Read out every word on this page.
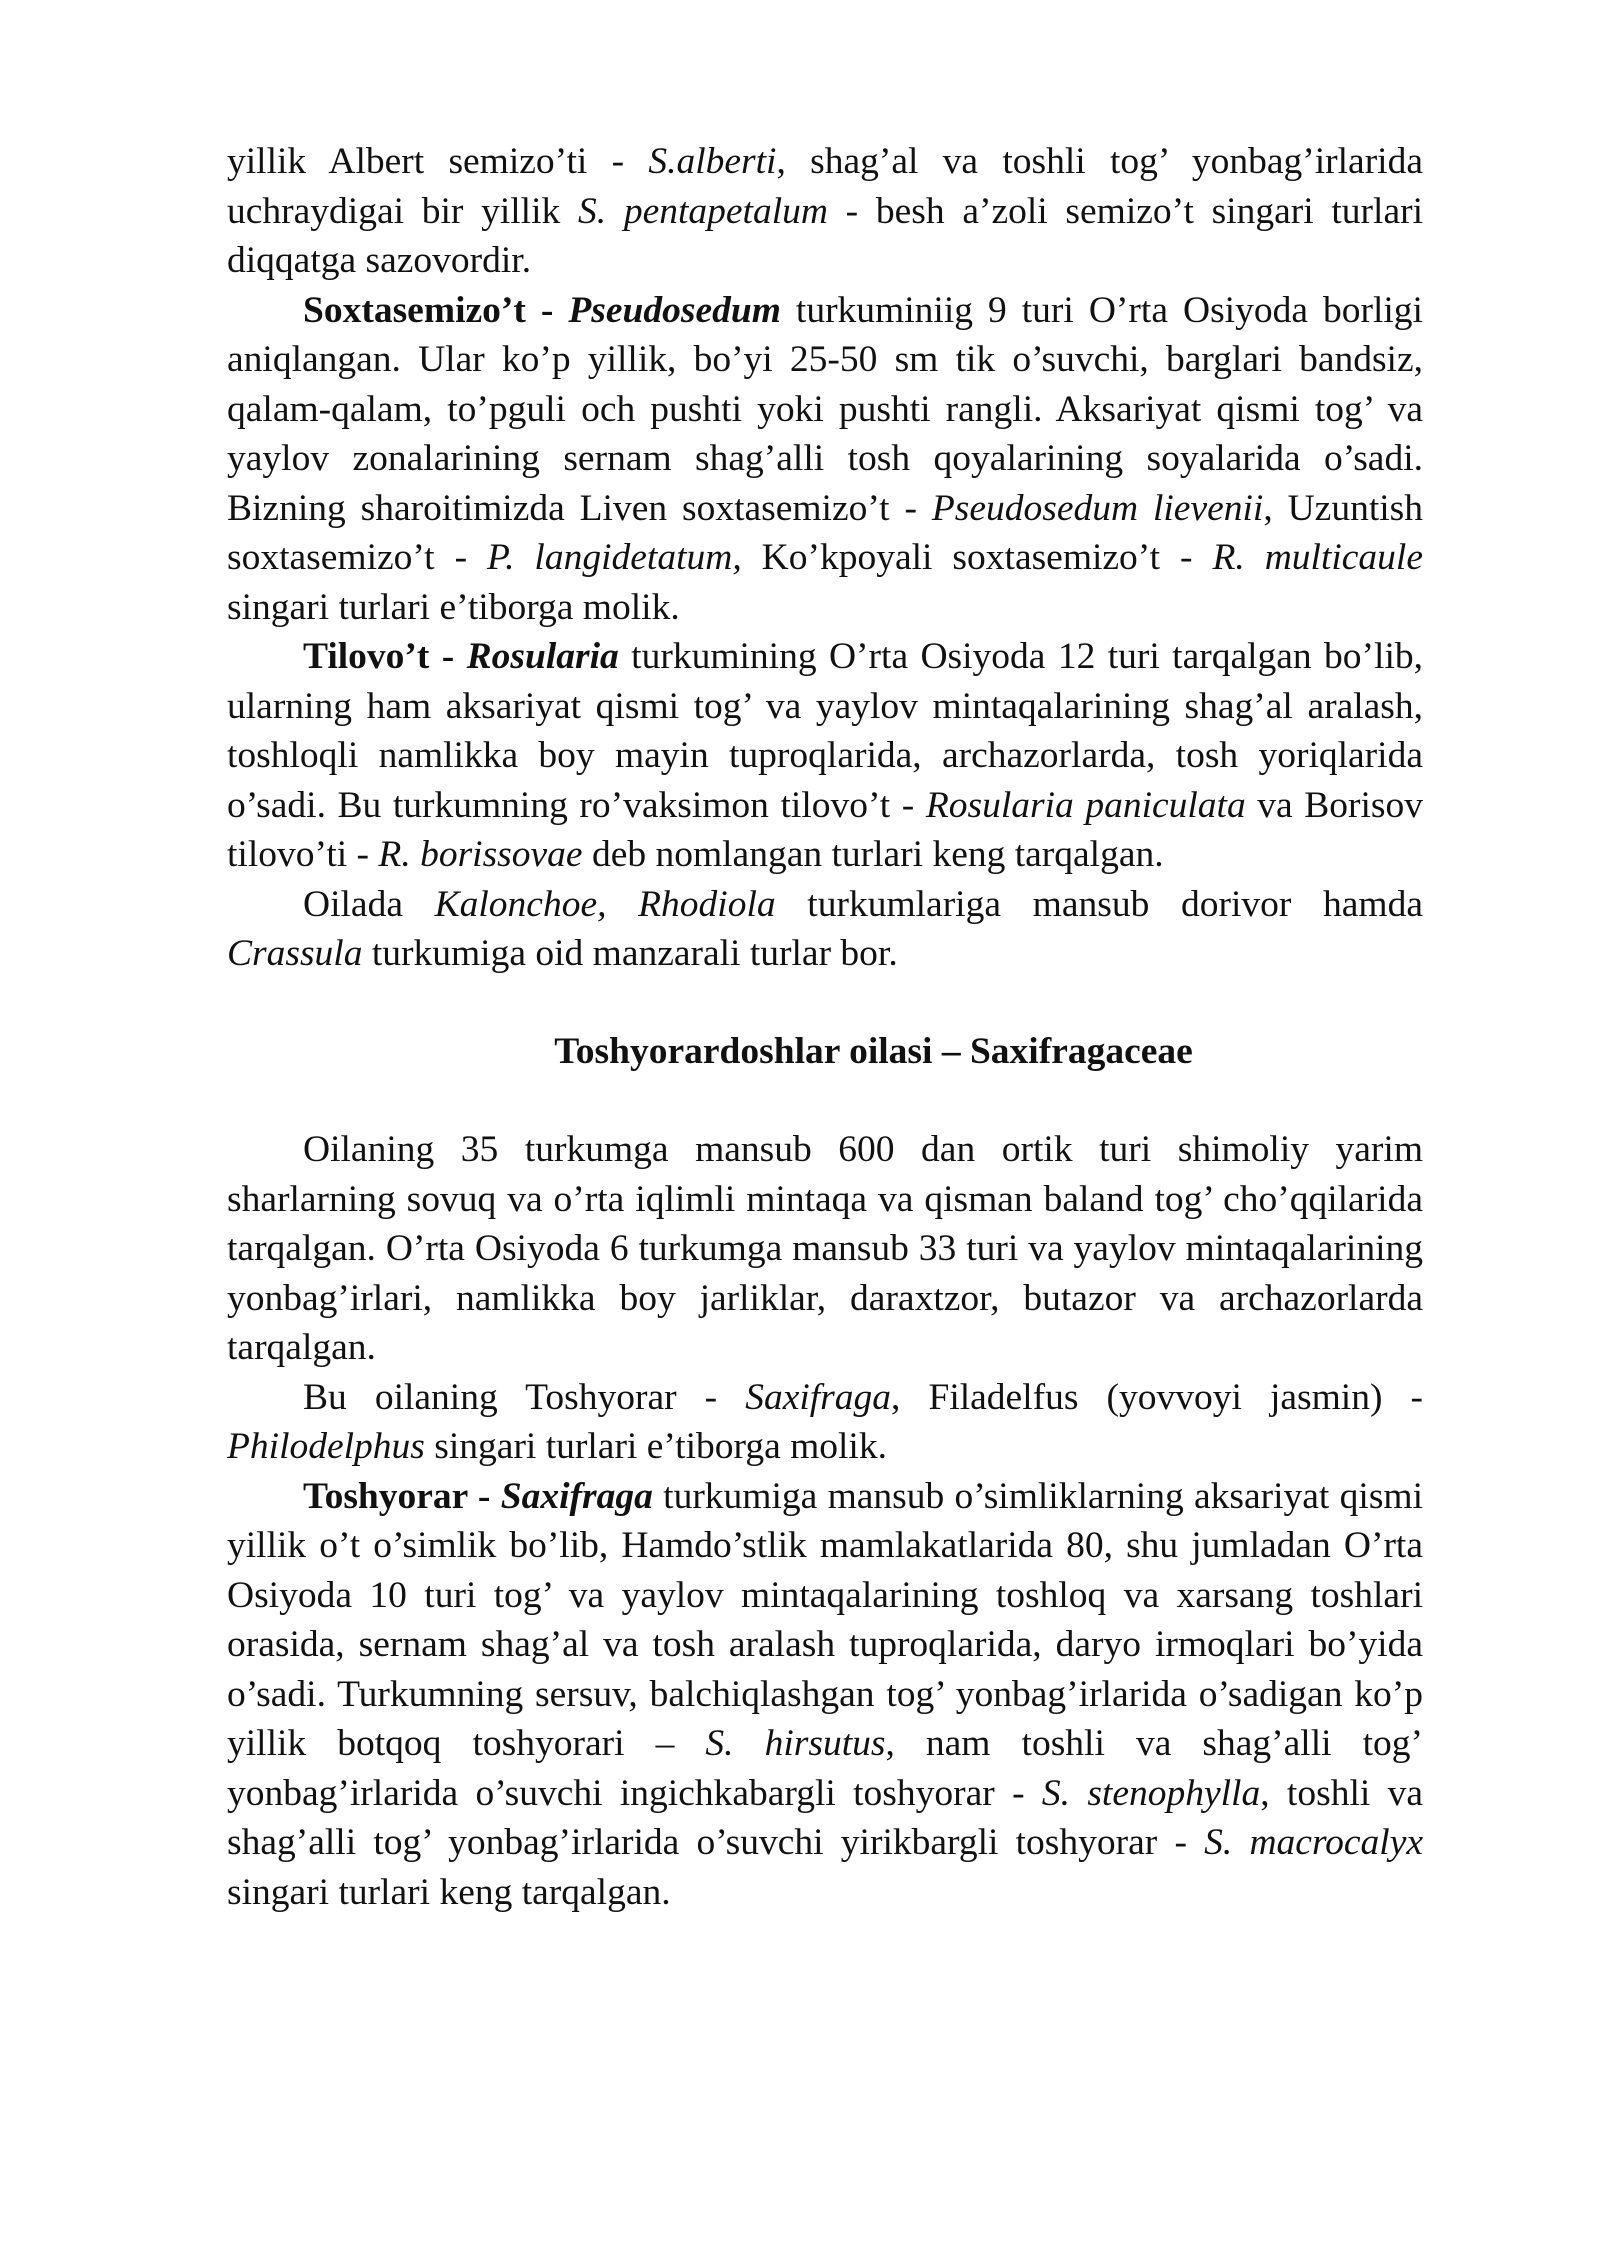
yillik Albert semizo’ti - S.alberti, shag’al va toshli tog’ yonbag’irlarida uchraydigai bir yillik S. pentapetalum - besh a’zoli semizo’t singari turlari diqqatga sazovordir.

Soxtasemizo’t - Pseudosedum turkuminiig 9 turi O’rta Osiyoda borligi aniqlangan. Ular ko’p yillik, bo’yi 25-50 sm tik o’suvchi, barglari bandsiz, qalam-qalam, to’pguli och pushti yoki pushti rangli. Aksariyat qismi tog’ va yaylov zonalarining sernam shag’alli tosh qoyalarining soyalarida o’sadi. Bizning sharoitimizda Liven soxtasemizo’t - Pseudosedum lievenii, Uzuntish soxtasemizo’t - P. langidetatum, Ko’kpoyali soxtasemizo’t - R. multicaule singari turlari e’tiborga molik.

Tilovo’t - Rosularia turkumining O’rta Osiyoda 12 turi tarqalgan bo’lib, ularning ham aksariyat qismi tog’ va yaylov mintaqalarining shag’al aralash, toshloqli namlikka boy mayin tuproqlarida, archazorlarda, tosh yoriqlarida o’sadi. Bu turkumning ro’vaksimon tilovo’t - Rosularia paniculata va Borisov tilovo’ti - R. borissovae deb nomlangan turlari keng tarqalgan.

Oilada Kalonchoe, Rhodiola turkumlariga mansub dorivor hamda Crassula turkumiga oid manzarali turlar bor.

Toshyorardoshlar oilasi – Saxifragaceae

Oilaning 35 turkumga mansub 600 dan ortik turi shimoliy yarim sharlarning sovuq va o’rta iqlimli mintaqa va qisman baland tog’ cho’qqilarida tarqalgan. O’rta Osiyoda 6 turkumga mansub 33 turi va yaylov mintaqalarining yonbag’irlari, namlikka boy jarliklar, daraxtzor, butazor va archazorlarda tarqalgan.

Bu oilaning Toshyorar - Saxifraga, Filadelfus (yovvoyi jasmin) - Philodelphus singari turlari e’tiborga molik.

Toshyorar - Saxifraga turkumiga mansub o’simliklarning aksariyat qismi yillik o’t o’simlik bo’lib, Hamdo’stlik mamlakatlarida 80, shu jumladan O’rta Osiyoda 10 turi tog’ va yaylov mintaqalarining toshloq va xarsang toshlari orasida, sernam shag’al va tosh aralash tuproqlarida, daryo irmoqlari bo’yida o’sadi. Turkumning sersuv, balchiqlashgan tog’ yonbag’irlarida o’sadigan ko’p yillik botqoq toshyorari – S. hirsutus, nam toshli va shag’alli tog’ yonbag’irlarida o’suvchi ingichkabargli toshyorar - S. stenophylla, toshli va shag’alli tog’ yonbag’irlarida o’suvchi yirikbargli toshyorar - S. macrocalyx singari turlari keng tarqalgan.
